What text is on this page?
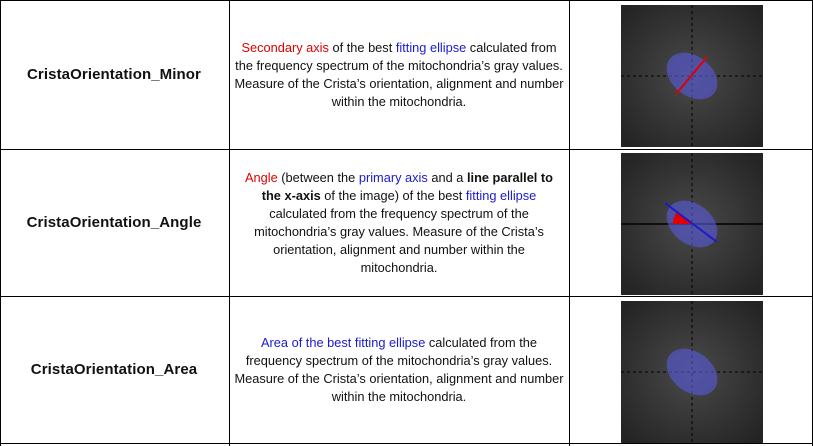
CristaOrientation_Minor
Secondary axis of the best fitting ellipse calculated from the frequency spectrum of the mitochondria’s gray values. Measure of the Crista’s orientation, alignment and number within the mitochondria.
CristaOrientation_Angle
Angle (between the primary axis and a line parallel to the x-axis of the image) of the best fitting ellipse calculated from the frequency spectrum of the mitochondria’s gray values. Measure of the Crista’s orientation, alignment and number within the mitochondria.
CristaOrientation_Area
Area of the best fitting ellipse calculated from the frequency spectrum of the mitochondria’s gray values. Measure of the Crista’s orientation, alignment and number within the mitochondria.
